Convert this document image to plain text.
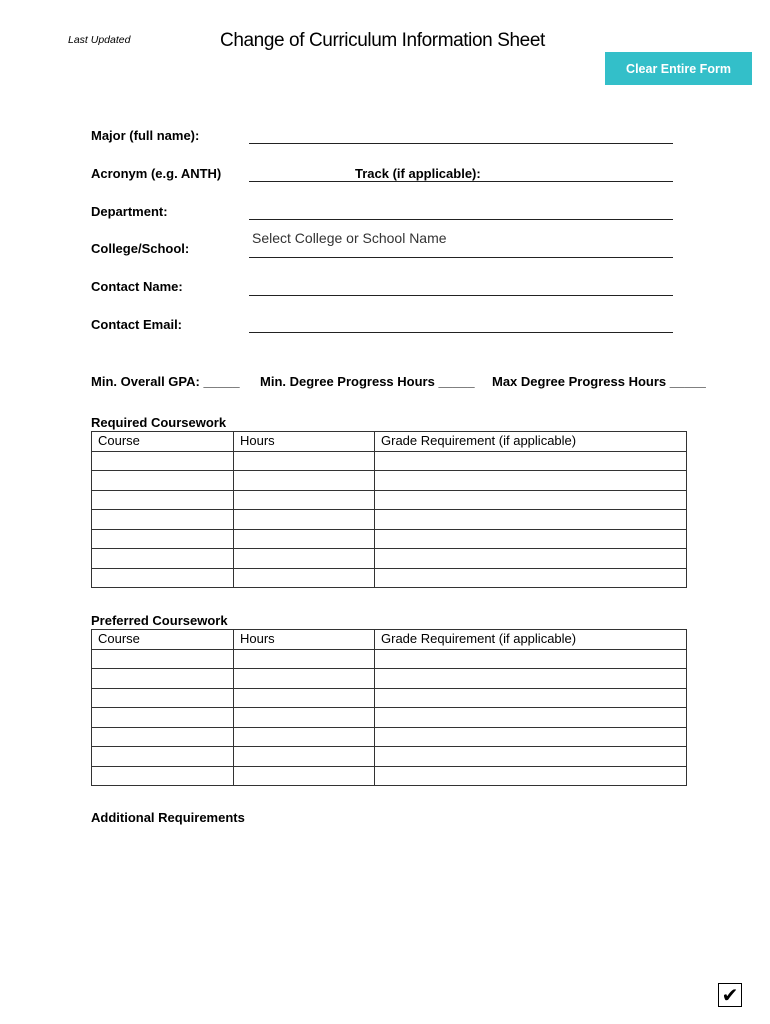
Last Updated	Change of Curriculum Information Sheet
Clear Entire Form
Major (full name):
Acronym (e.g. ANTH)	Track (if applicable):
Department:
College/School:
Select College or School Name
Contact Name:
Contact Email:
Min. Overall GPA: _____ Min. Degree Progress Hours _____ Max Degree Progress Hours _____
Required Coursework
Course	Hours	Grade Requirement (if applicable)

Preferred Coursework
Course	Hours	Grade Requirement (if applicable)

Additional Requirements
✔
